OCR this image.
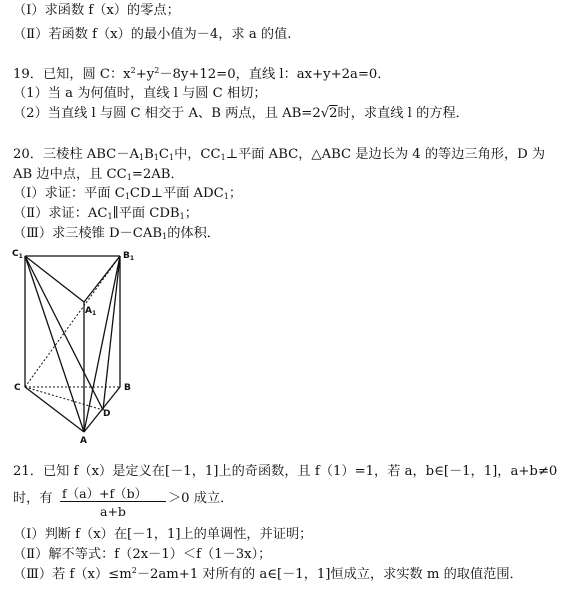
（Ⅰ）求函数 f（x）的零点；
（Ⅱ）若函数 f（x）的最小值为－4，求 a 的值.
19．已知，圆 C：$x^2+y^2-8y+12=0$，直线 l：ax+y+2a=0．
（1）当 a 为何值时，直线 l 与圆 C 相切；
（2）当直线 l 与圆 C 相交于 A、B 两点，且 AB=2√2时，求直线 l 的方程．
20．三棱柱 $ABC-A_1B_1C_1$中，$CC_1\perp$平面 ABC，△ABC 是边长为 4 的等边三角形，D 为
AB 边中点，且 $CC_1=2AB$．
（Ⅰ）求证：平面 $C_1CD\perp$平面 $ADC_1$；
（Ⅱ）求证：$AC_1\parallel$平面 $CDB_1$；
（Ⅲ）求三棱锥 $D-CAB_1$的体积．
$C_1$	$B_1$
$A_1$
C	B
D
A
21．已知 f（x）是定义在[－1，1]上的奇函数，且 f（1）=1，若 a，b∈[－1，1]，a+b≠0
时，有 f（a）+f（b）
a+b
＞0 成立．
（Ⅰ）判断 f（x）在[－1，1]上的单调性，并证明；
（Ⅱ）解不等式：f（2x－1）＜f（1－3x）；
（Ⅲ）若 $f(x)\le m^2-2am+1$ 对所有的 a∈[－1，1]恒成立，求实数 m 的取值范围．
